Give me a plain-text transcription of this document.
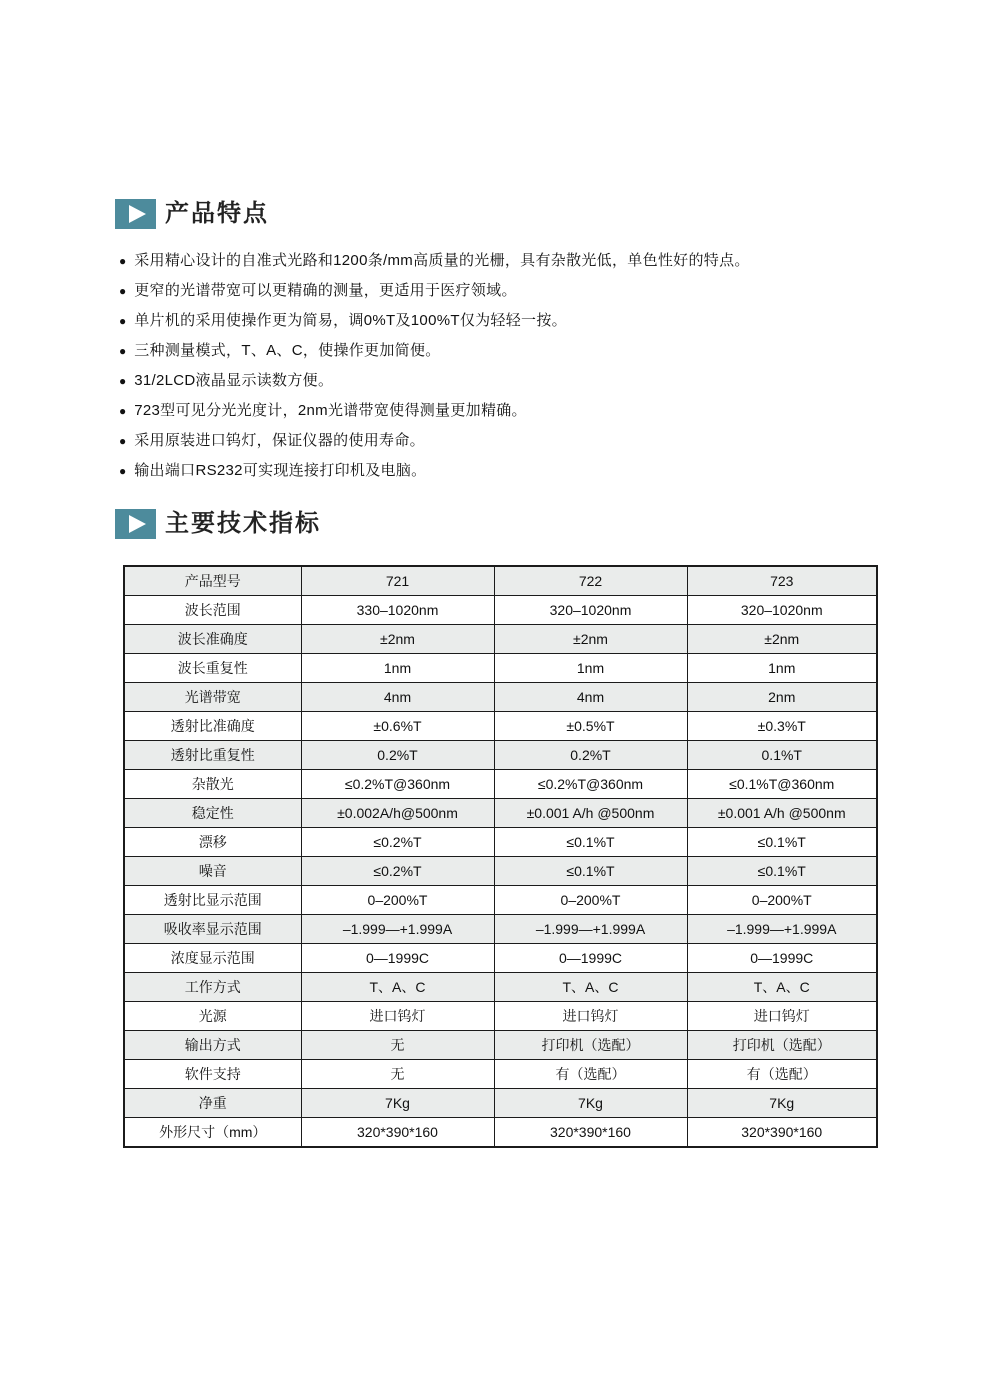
产品特点
● 采用精心设计的自准式光路和1200条/mm高质量的光栅，具有杂散光低，单色性好的特点。
● 更窄的光谱带宽可以更精确的测量，更适用于医疗领域。
● 单片机的采用使操作更为简易，调0%T及100%T仅为轻轻一按。
● 三种测量模式，T、A、C，使操作更加简便。
● 31/2LCD液晶显示读数方便。
● 723型可见分光光度计，2nm光谱带宽使得测量更加精确。
● 采用原装进口钨灯，保证仪器的使用寿命。
● 输出端口RS232可实现连接打印机及电脑。
主要技术指标
产品型号	721	722	723
波长范围	330–1020nm	320–1020nm	320–1020nm
波长准确度	±2nm	±2nm	±2nm
波长重复性	1nm	1nm	1nm
光谱带宽	4nm	4nm	2nm
透射比准确度	±0.6%T	±0.5%T	±0.3%T
透射比重复性	0.2%T	0.2%T	0.1%T
杂散光	≤0.2%T@360nm	≤0.2%T@360nm	≤0.1%T@360nm
稳定性	±0.002A/h@500nm	±0.001 A/h @500nm	±0.001 A/h @500nm
漂移	≤0.2%T	≤0.1%T	≤0.1%T
噪音	≤0.2%T	≤0.1%T	≤0.1%T
透射比显示范围	0–200%T	0–200%T	0–200%T
吸收率显示范围	–1.999—+1.999A	–1.999—+1.999A	–1.999—+1.999A
浓度显示范围	0—1999C	0—1999C	0—1999C
工作方式	T、A、C	T、A、C	T、A、C
光源	进口钨灯	进口钨灯	进口钨灯
输出方式	无	打印机（选配）	打印机（选配）
软件支持	无	有（选配）	有（选配）
净重	7Kg	7Kg	7Kg
外形尺寸（mm）	320*390*160	320*390*160	320*390*160
